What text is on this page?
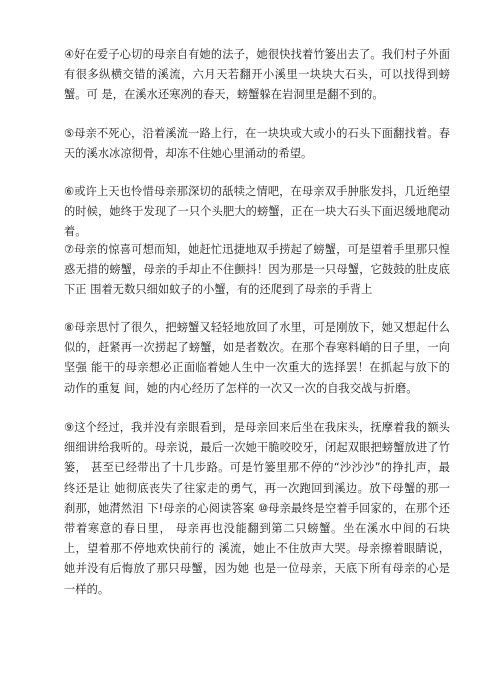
④好在爱子心切的母亲自有她的法子，她很快找着竹篓出去了。我们村子外面 有很多纵横交错的溪流，六月天若翻开小溪里一块块大石头，可以找得到螃蟹。可 是，在溪水还寒冽的春天，螃蟹躲在岩洞里是翻不到的。

⑤母亲不死心，沿着溪流一路上行，在一块块或大或小的石头下面翻找着。春 天的溪水冰凉彻骨，却冻不住她心里涌动的希望。

⑥或许上天也怜惜母亲那深切的舐犊之情吧，在母亲双手肿胀发抖，几近绝望 的时候，她终于发现了一只个头肥大的螃蟹，正在一块大石头下面迟缓地爬动着。

⑦母亲的惊喜可想而知，她赶忙迅捷地双手捞起了螃蟹，可是望着手里那只惶 惑无措的螃蟹，母亲的手却止不住颤抖！因为那是一只母蟹，它鼓鼓的肚皮底下正 围着无数只细如蚊子的小蟹，有的还爬到了母亲的手背上

⑧母亲思忖了很久，把螃蟹又轻轻地放回了水里，可是刚放下，她又想起什么 似的，赶紧再一次捞起了螃蟹，如是者数次。在那个春寒料峭的日子里，一向坚强 能干的母亲想必正面临着她人生中一次重大的选择罢！在抓起与放下的动作的重复 间，她的内心经历了怎样的一次又一次的自我交战与折磨。

⑨这个经过，我并没有亲眼看到，是母亲回来后坐在我床头，抚摩着我的额头 细细讲给我听的。母亲说，最后一次她干脆咬咬牙，闭起双眼把螃蟹放进了竹篓， 甚至已经带出了十几步路。可是竹篓里那不停的“沙沙沙”的挣扎声，最终还是让 她彻底丧失了往家走的勇气，再一次跑回到溪边。放下母蟹的那一刹那，她潸然泪 下!母亲的心阅读答案 ⑩母亲最终是空着手回家的，在那个还带着寒意的春日里， 母亲再也没能翻到第二只螃蟹。坐在溪水中间的石块上，望着那不停地欢快前行的 溪流，她止不住放声大哭。母亲擦着眼睛说，她并没有后悔放了那只母蟹，因为她 也是一位母亲，天底下所有母亲的心是一样的。
